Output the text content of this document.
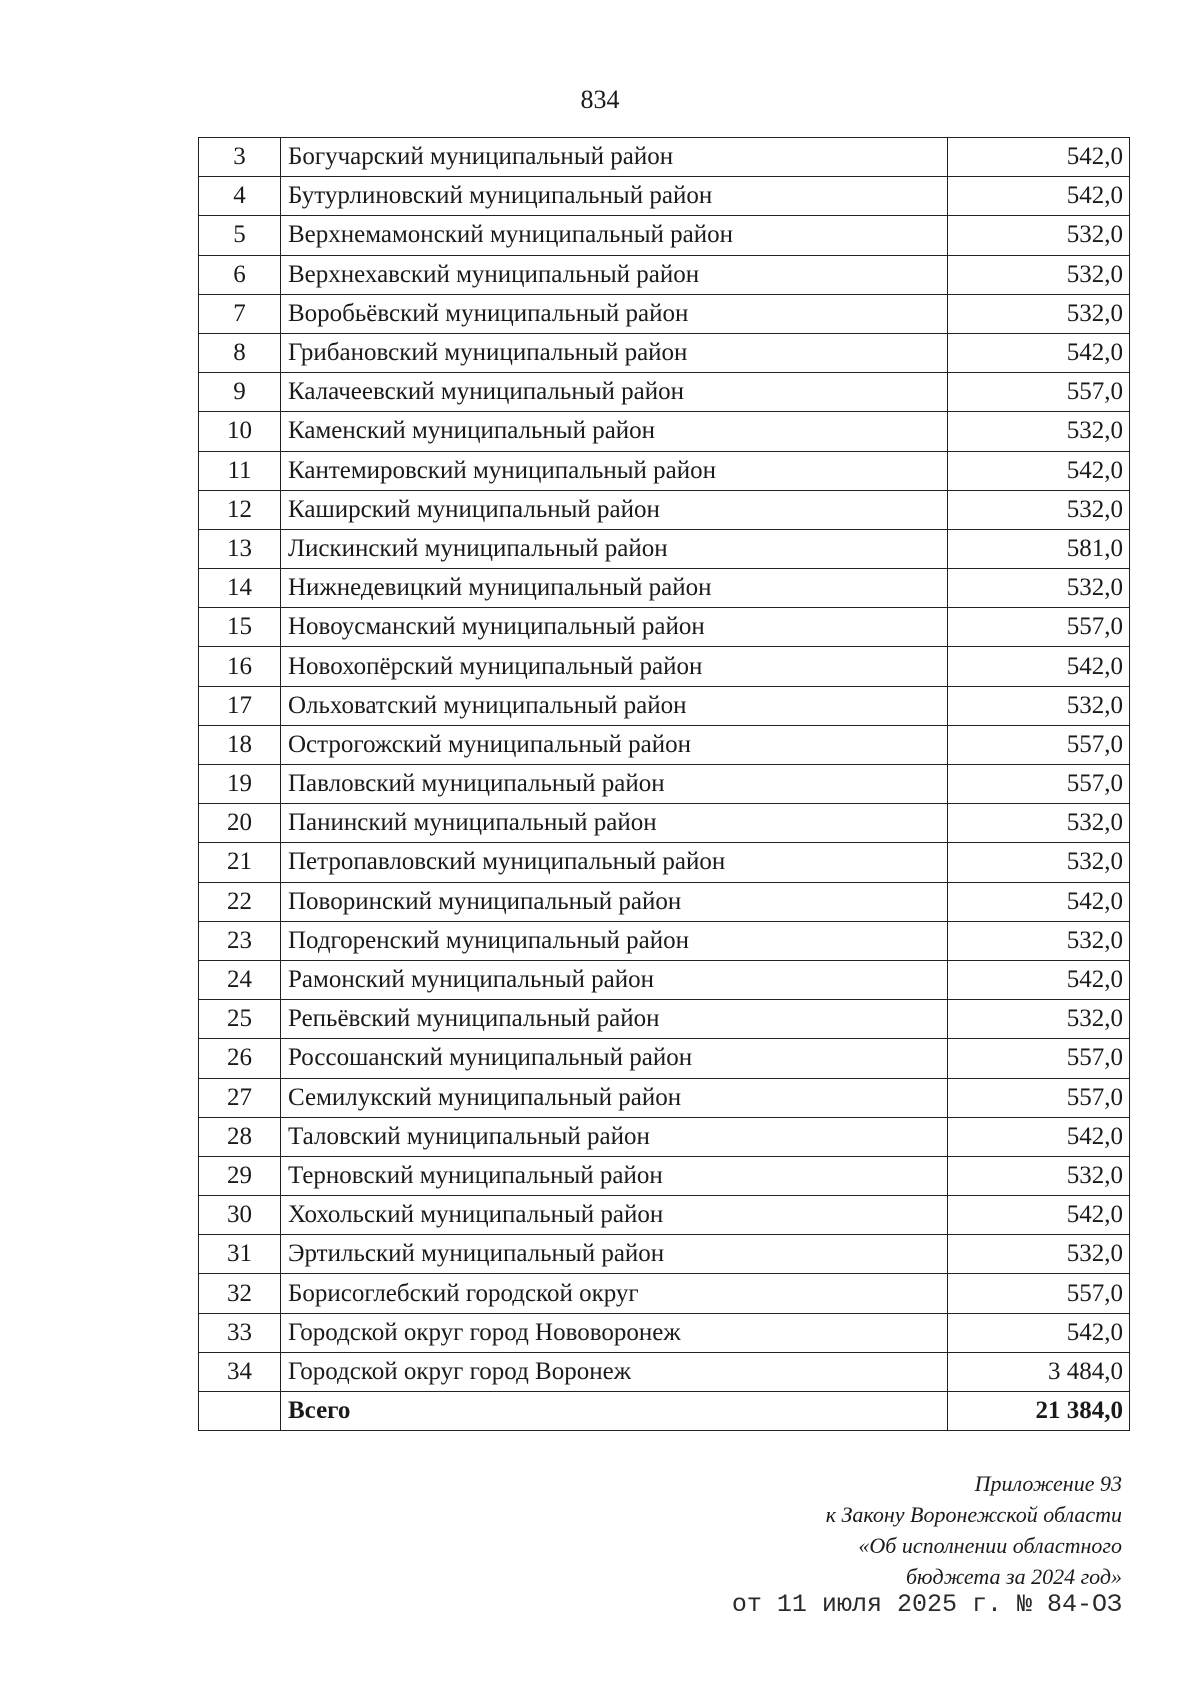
834
3	Богучарский муниципальный район	542,0
4	Бутурлиновский муниципальный район	542,0
5	Верхнемамонский муниципальный район	532,0
6	Верхнехавский муниципальный район	532,0
7	Воробьёвский муниципальный район	532,0
8	Грибановский муниципальный район	542,0
9	Калачеевский муниципальный район	557,0
10	Каменский муниципальный район	532,0
11	Кантемировский муниципальный район	542,0
12	Каширский муниципальный район	532,0
13	Лискинский муниципальный район	581,0
14	Нижнедевицкий муниципальный район	532,0
15	Новоусманский муниципальный район	557,0
16	Новохопёрский муниципальный район	542,0
17	Ольховатский муниципальный район	532,0
18	Острогожский муниципальный район	557,0
19	Павловский муниципальный район	557,0
20	Панинский муниципальный район	532,0
21	Петропавловский муниципальный район	532,0
22	Поворинский муниципальный район	542,0
23	Подгоренский муниципальный район	532,0
24	Рамонский муниципальный район	542,0
25	Репьёвский муниципальный район	532,0
26	Россошанский муниципальный район	557,0
27	Семилукский муниципальный район	557,0
28	Таловский муниципальный район	542,0
29	Терновский муниципальный район	532,0
30	Хохольский муниципальный район	542,0
31	Эртильский муниципальный район	532,0
32	Борисоглебский городской округ	557,0
33	Городской округ город Нововоронеж	542,0
34	Городской округ город Воронеж	3 484,0
	Всего	21 384,0
Приложение 93
к Закону Воронежской области
«Об исполнении областного
бюджета за 2024 год»
от 11 июля 2025 г. № 84-ОЗ
